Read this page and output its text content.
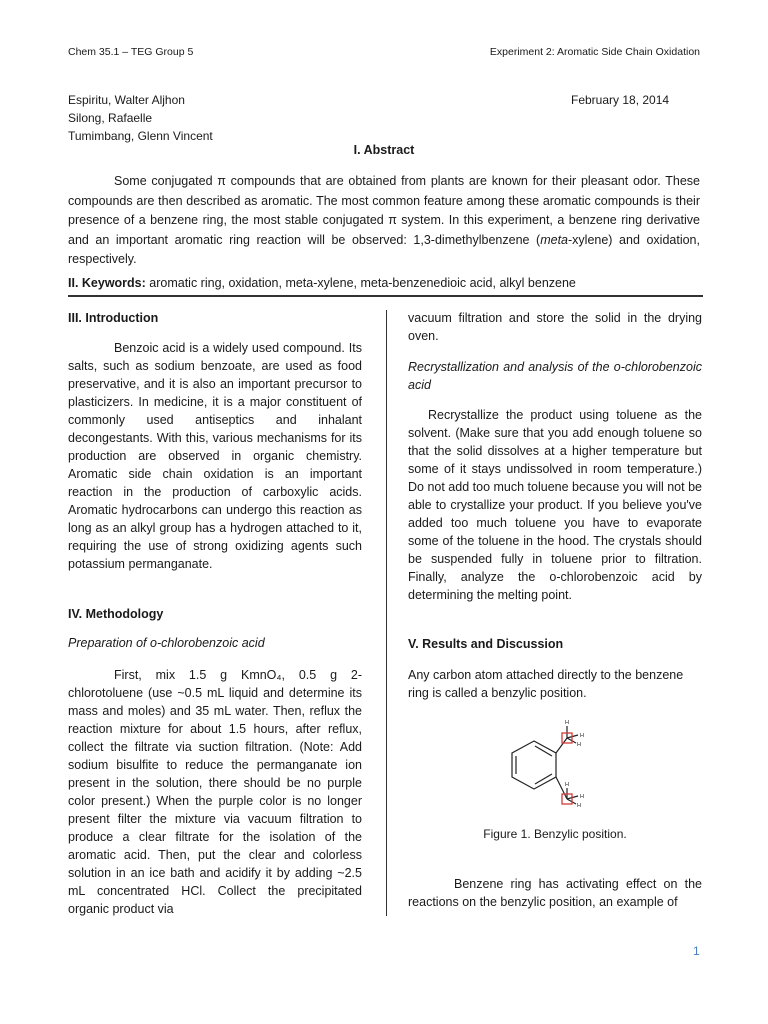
Chem 35.1 – TEG Group 5	Experiment 2: Aromatic Side Chain Oxidation
Espiritu, Walter Aljhon
Silong, Rafaelle
Tumimbang, Glenn Vincent
February 18, 2014
I. Abstract
Some conjugated π compounds that are obtained from plants are known for their pleasant odor. These compounds are then described as aromatic. The most common feature among these aromatic compounds is their presence of a benzene ring, the most stable conjugated π system. In this experiment, a benzene ring derivative and an important aromatic ring reaction will be observed: 1,3-dimethylbenzene (meta-xylene) and oxidation, respectively.
II. Keywords: aromatic ring, oxidation, meta-xylene, meta-benzenedioic acid, alkyl benzene
III. Introduction
Benzoic acid is a widely used compound. Its salts, such as sodium benzoate, are used as food preservative, and it is also an important precursor to plasticizers. In medicine, it is a major constituent of commonly used antiseptics and inhalant decongestants. With this, various mechanisms for its production are observed in organic chemistry. Aromatic side chain oxidation is an important reaction in the production of carboxylic acids. Aromatic hydrocarbons can undergo this reaction as long as an alkyl group has a hydrogen attached to it, requiring the use of strong oxidizing agents such potassium permanganate.
IV. Methodology
Preparation of o-chlorobenzoic acid
First, mix 1.5 g KmnO₄, 0.5 g 2-chlorotoluene (use ~0.5 mL liquid and determine its mass and moles) and 35 mL water. Then, reflux the reaction mixture for about 1.5 hours, after reflux, collect the filtrate via suction filtration. (Note: Add sodium bisulfite to reduce the permanganate ion present in the solution, there should be no purple color present.) When the purple color is no longer present filter the mixture via vacuum filtration to produce a clear filtrate for the isolation of the aromatic acid. Then, put the clear and colorless solution in an ice bath and acidify it by adding ~2.5 mL concentrated HCl. Collect the precipitated organic product via
vacuum filtration and store the solid in the drying oven.
Recrystallization and analysis of the o-chlorobenzoic acid
Recrystallize the product using toluene as the solvent. (Make sure that you add enough toluene so that the solid dissolves at a higher temperature but some of it stays undissolved in room temperature.) Do not add too much toluene because you will not be able to crystallize your product. If you believe you've added too much toluene you have to evaporate some of the toluene in the hood. The crystals should be suspended fully in toluene prior to filtration. Finally, analyze the o-chlorobenzoic acid by determining the melting point.
V. Results and Discussion
Any carbon atom attached directly to the benzene ring is called a benzylic position.
H
H
H
H
H
H
Figure 1. Benzylic position.
Benzene ring has activating effect on the reactions on the benzylic position, an example of
1
